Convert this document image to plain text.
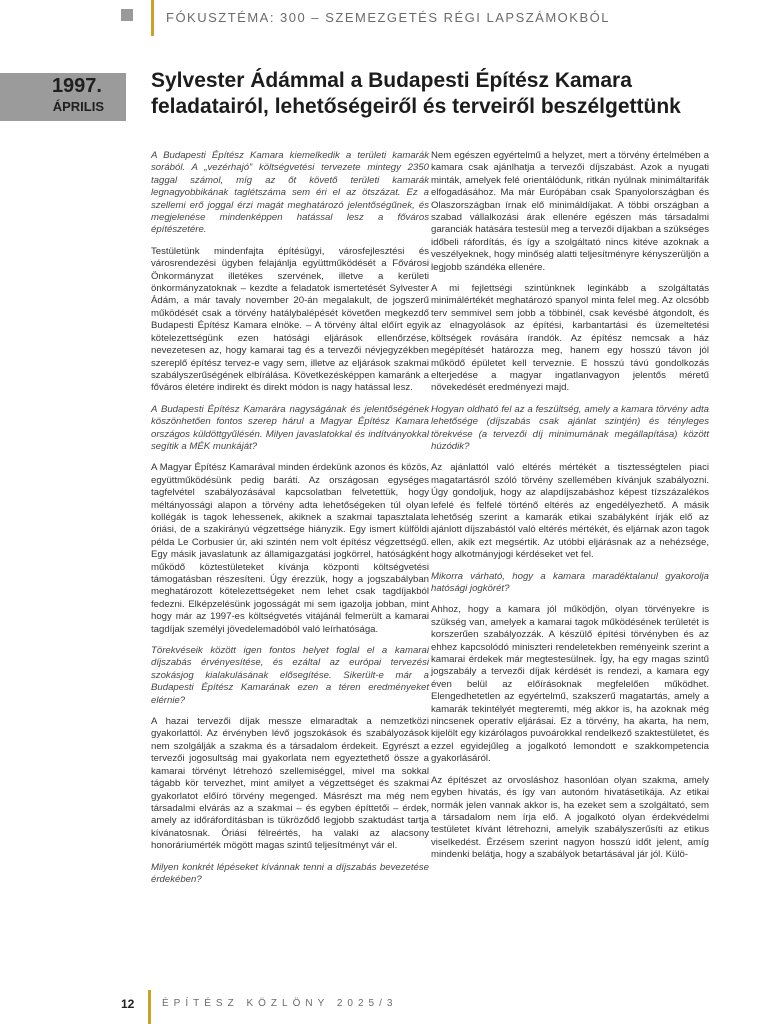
FÓKUSZTÉMA: 300 – SZEMEZGETÉS RÉGI LAPSZÁMOKBÓL
1997.
ÁPRILIS
Sylvester Ádámmal a Budapesti Építész Kamara feladatairól, lehetőségeiről és terveiről beszélgettünk

A Budapesti Építész Kamara kiemelkedik a területi kamarák sorából. A „vezérhajó” költségvetési tervezete mintegy 2350 taggal számol, míg az őt követő területi kamarák legnagyobbikának taglétszáma sem éri el az ötszázat. Ez a szellemi erő joggal érzi magát meghatározó jelentőségűnek, és megjelenése mindenképpen hatással lesz a főváros építészetére.

Testületünk mindenfajta építésügyi, városfejlesztési és városrendezési ügyben felajánlja együttműködését a Fővárosi Önkormányzat illetékes szervének, illetve a kerületi önkormányzatoknak – kezdte a feladatok ismertetését Sylvester Ádám, a már tavaly november 20-án megalakult, de jogszerű működését csak a törvény hatálybalépését követően megkezdő Budapesti Építész Kamara elnöke. – A törvény által előírt egyik kötelezettségünk ezen hatósági eljárások ellenőrzése, nevezetesen az, hogy kamarai tag és a tervezői névjegyzékben szereplő építész tervez-e vagy sem, illetve az eljárások szakmai szabályszerűségének elbírálása. Következésképpen kamaránk a főváros életére indirekt és direkt módon is nagy hatással lesz.

A Budapesti Építész Kamarára nagyságának és jelentőségének köszönhetően fontos szerep hárul a Magyar Építész Kamara országos küldöttgyűlésén. Milyen javaslatokkal és indítványokkal segítik a MÉK munkáját?

A Magyar Építész Kamarával minden érdekünk azonos és közös, együttműködésünk pedig baráti. Az országosan egységes tagfelvétel szabályozásával kapcsolatban felvetettük, hogy méltányossági alapon a törvény adta lehetőségeken túl olyan kollégák is tagok lehessenek, akiknek a szakmai tapasztalata óriási, de a szakirányú végzettsége hiányzik. Egy ismert külföldi példa Le Corbusier úr, aki szintén nem volt építész végzettségű. Egy másik javaslatunk az államigazgatási jogkörrel, hatóságként működő köztestületeket kívánja központi költségvetési támogatásban részesíteni. Úgy érezzük, hogy a jogszabályban meghatározott kötelezettségeket nem lehet csak tagdíjakból fedezni. Elképzelésünk jogosságát mi sem igazolja jobban, mint hogy már az 1997-es költségvetés vitájánál felmerült a kamarai tagdíjak személyi jövedelemadóból való leírhatósága.

Törekvéseik között igen fontos helyet foglal el a kamarai díjszabás érvényesítése, és ezáltal az európai tervezési szokásjog kialakulásának elősegítése. Sikerült-e már a Budapesti Építész Kamarának ezen a téren eredményeket elérnie?

A hazai tervezői díjak messze elmaradtak a nemzetközi gyakorlattól. Az érvényben lévő jogszokások és szabályozások nem szolgálják a szakma és a társadalom érdekeit. Egyrészt a tervezői jogosultság mai gyakorlata nem egyeztethető össze a kamarai törvényt létrehozó szellemiséggel, mivel ma sokkal tágabb kör tervezhet, mint amilyet a végzettséget és szakmai gyakorlatot előíró törvény megenged. Másrészt ma még nem társadalmi elvárás az a szakmai – és egyben építtetői – érdek, amely az időráfordításban is tükröződő legjobb szaktudást tartja kívánatosnak. Óriási félreértés, ha valaki az alacsony honoráriumérték mögött magas szintű teljesítményt vár el.

Milyen konkrét lépéseket kívánnak tenni a díjszabás bevezetése érdekében?

Nem egészen egyértelmű a helyzet, mert a törvény értelmében a kamara csak ajánlhatja a tervezői díjszabást. Azok a nyugati minták, amelyek felé orientálódunk, ritkán nyúlnak minimáltarifák elfogadásához. Ma már Európában csak Spanyolországban és Olaszországban írnak elő minimáldíjakat. A többi országban a szabad vállalkozási árak ellenére egészen más társadalmi garanciák hatására testesül meg a tervezői díjakban a szükséges időbeli ráfordítás, és így a szolgáltató nincs kitéve azoknak a veszélyeknek, hogy minőség alatti teljesítményre kényszerüljön a legjobb szándéka ellenére.

A mi fejlettségi szintünknek leginkább a szolgáltatás minimálértékét meghatározó spanyol minta felel meg. Az olcsóbb terv semmivel sem jobb a többinél, csak kevésbé átgondolt, és az elnagyolások az építési, karbantartási és üzemeltetési költségek rovására írandók. Az építész nemcsak a ház megépítését határozza meg, hanem egy hosszú távon jól működő épületet kell terveznie. E hosszú távú gondolkozás elterjedése a magyar ingatlanvagyon jelentős méretű növekedését eredményezi majd.

Hogyan oldható fel az a feszültség, amely a kamara törvény adta lehetősége (díjszabás csak ajánlat szintjén) és tényleges törekvése (a tervezői díj minimumának megállapítása) között húzódik?

Az ajánlattól való eltérés mértékét a tisztességtelen piaci magatartásról szóló törvény szellemében kívánjuk szabályozni. Úgy gondoljuk, hogy az alapdíjszabáshoz képest tízszázalékos lefelé és felfelé történő eltérés az engedélyezhető. A másik lehetőség szerint a kamarák etikai szabályként írják elő az ajánlott díjszabástól való eltérés mértékét, és eljárnak azon tagok ellen, akik ezt megsértik. Az utóbbi eljárásnak az a nehézsége, hogy alkotmányjogi kérdéseket vet fel.

Mikorra várható, hogy a kamara maradéktalanul gyakorolja hatósági jogkörét?

Ahhoz, hogy a kamara jól működjön, olyan törvényekre is szükség van, amelyek a kamarai tagok működésének területét is korszerűen szabályozzák. A készülő építési törvényben és az ehhez kapcsolódó miniszteri rendeletekben reményeink szerint a kamarai érdekek már megtestesülnek. Így, ha egy magas szintű jogszabály a tervezői díjak kérdését is rendezi, a kamara egy éven belül az előírásoknak megfelelően működhet. Elengedhetetlen az egyértelmű, szakszerű magatartás, amely a kamarák tekintélyét megteremti, még akkor is, ha azoknak még nincsenek operatív eljárásai. Ez a törvény, ha akarta, ha nem, kijelölt egy kizárólagos puvoárokkal rendelkező szaktestületet, és ezzel egyidejűleg a jogalkotó lemondott e szakkompetencia gyakorlásáról.

Az építészet az orvosláshoz hasonlóan olyan szakma, amely egyben hivatás, és így van autonóm hivatásetikája. Az etikai normák jelen vannak akkor is, ha ezeket sem a szolgáltató, sem a társadalom nem írja elő. A jogalkotó olyan érdekvédelmi testületet kívánt létrehozni, amelyik szabályszerűsíti az etikus viselkedést. Érzésem szerint nagyon hosszú időt jelent, amíg mindenki belátja, hogy a szabályok betartásával jár jól. Külö-

12	ÉPÍTÉSZ KÖZLÖNY 2025/3
